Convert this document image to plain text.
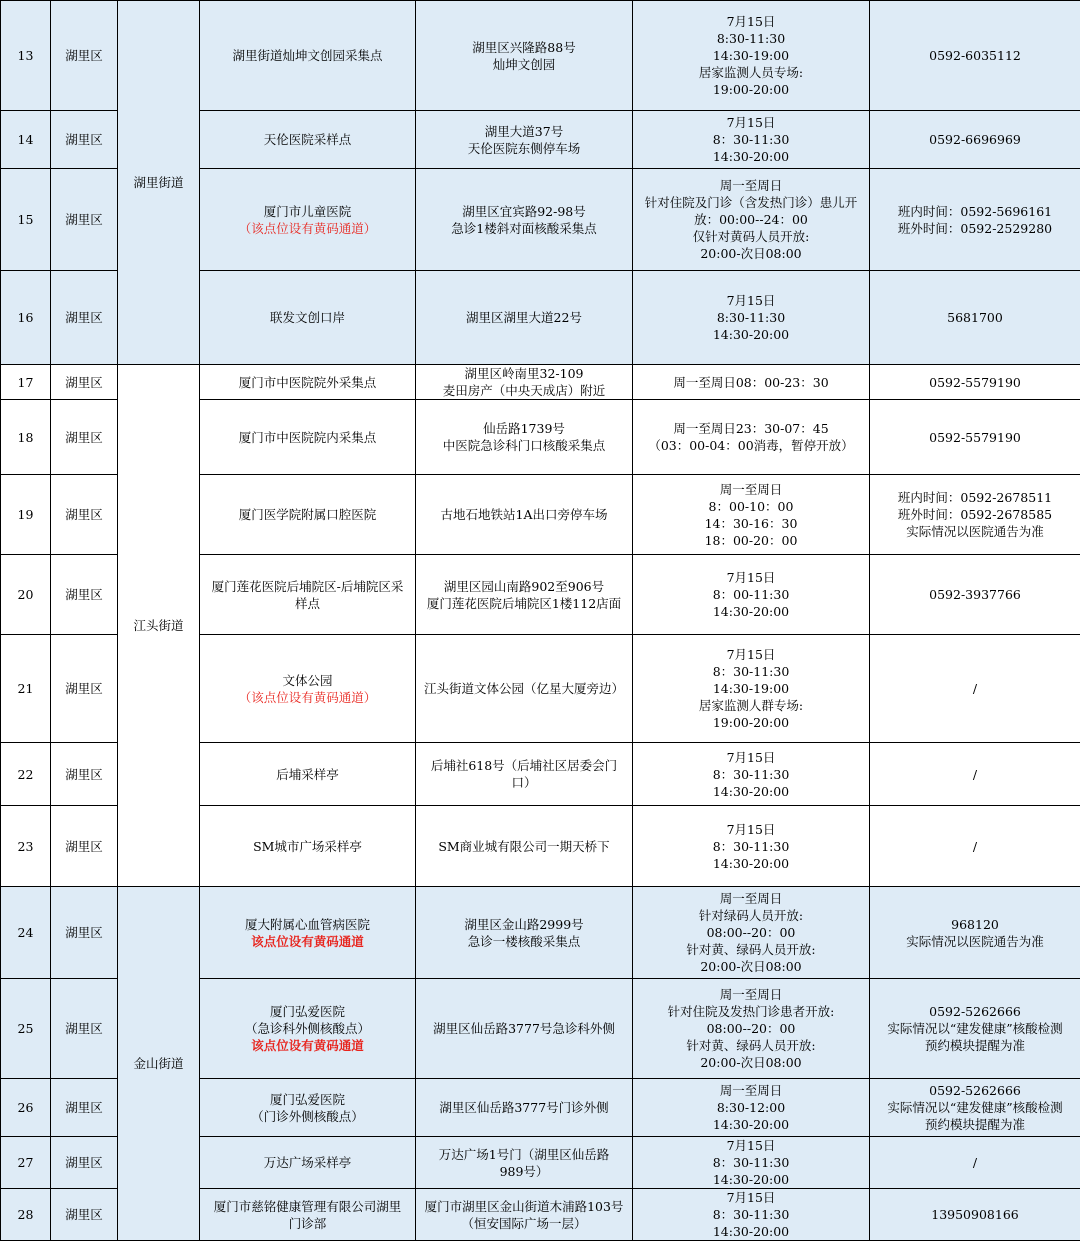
13	湖里区	湖里街道	湖里街道灿坤文创园采集点	湖里区兴隆路88号
灿坤文创园	7月15日
8:30-11:30
14:30-19:00
居家监测人员专场:
19:00-20:00	0592-6035112

14	湖里区		天伦医院采样点	湖里大道37号
天伦医院东侧停车场	7月15日
8：30-11:30
14:30-20:00	0592-6696969

15	湖里区		厦门市儿童医院
（该点位设有黄码通道）	湖里区宜宾路92-98号
急诊1楼斜对面核酸采集点	周一至周日
针对住院及门诊（含发热门诊）患儿开
放：00:00--24：00
仅针对黄码人员开放:
20:00-次日08:00	班内时间：0592-5696161
班外时间：0592-2529280

16	湖里区		联发文创口岸	湖里区湖里大道22号	7月15日
8:30-11:30
14:30-20:00	5681700

17	湖里区	江头街道	厦门市中医院院外采集点	湖里区岭南里32-109
麦田房产（中央天成店）附近	周一至周日08：00-23：30	0592-5579190

18	湖里区		厦门市中医院院内采集点	仙岳路1739号
中医院急诊科门口核酸采集点	周一至周日23：30-07：45
（03：00-04：00消毒，暂停开放）	0592-5579190

19	湖里区		厦门医学院附属口腔医院	古地石地铁站1A出口旁停车场	周一至周日
8：00-10：00
14：30-16：30
18：00-20：00	班内时间：0592-2678511
班外时间：0592-2678585
实际情况以医院通告为准

20	湖里区		厦门莲花医院后埔院区-后埔院区采
样点	湖里区园山南路902至906号
厦门莲花医院后埔院区1楼112店面	7月15日
8：00-11:30
14:30-20:00	0592-3937766

21	湖里区		文体公园
（该点位设有黄码通道）	江头街道文体公园（亿星大厦旁边）	7月15日
8：30-11:30
14:30-19:00
居家监测人群专场:
19:00-20:00	/

22	湖里区		后埔采样亭	后埔社618号（后埔社区居委会门
口）	7月15日
8：30-11:30
14:30-20:00	/

23	湖里区		SM城市广场采样亭	SM商业城有限公司一期天桥下	7月15日
8：30-11:30
14:30-20:00	/

24	湖里区	金山街道	厦大附属心血管病医院
该点位设有黄码通道	湖里区金山路2999号
急诊一楼核酸采集点	周一至周日
针对绿码人员开放:
08:00--20：00
针对黄、绿码人员开放:
20:00-次日08:00	968120
实际情况以医院通告为准

25	湖里区		厦门弘爱医院
（急诊科外侧核酸点）
该点位设有黄码通道	湖里区仙岳路3777号急诊科外侧	周一至周日
针对住院及发热门诊患者开放:
08:00--20：00
针对黄、绿码人员开放:
20:00-次日08:00	0592-5262666
实际情况以“建发健康”核酸检测
预约模块提醒为准

26	湖里区		厦门弘爱医院
（门诊外侧核酸点）	湖里区仙岳路3777号门诊外侧	周一至周日
8:30-12:00
14:30-20:00	0592-5262666
实际情况以“建发健康”核酸检测
预约模块提醒为准

27	湖里区		万达广场采样亭	万达广场1号门（湖里区仙岳路
989号）	7月15日
8：30-11:30
14:30-20:00	/

28	湖里区		厦门市慈铭健康管理有限公司湖里
门诊部	厦门市湖里区金山街道木浦路103号
（恒安国际广场一层）	7月15日
8：30-11:30
14:30-20:00	13950908166
